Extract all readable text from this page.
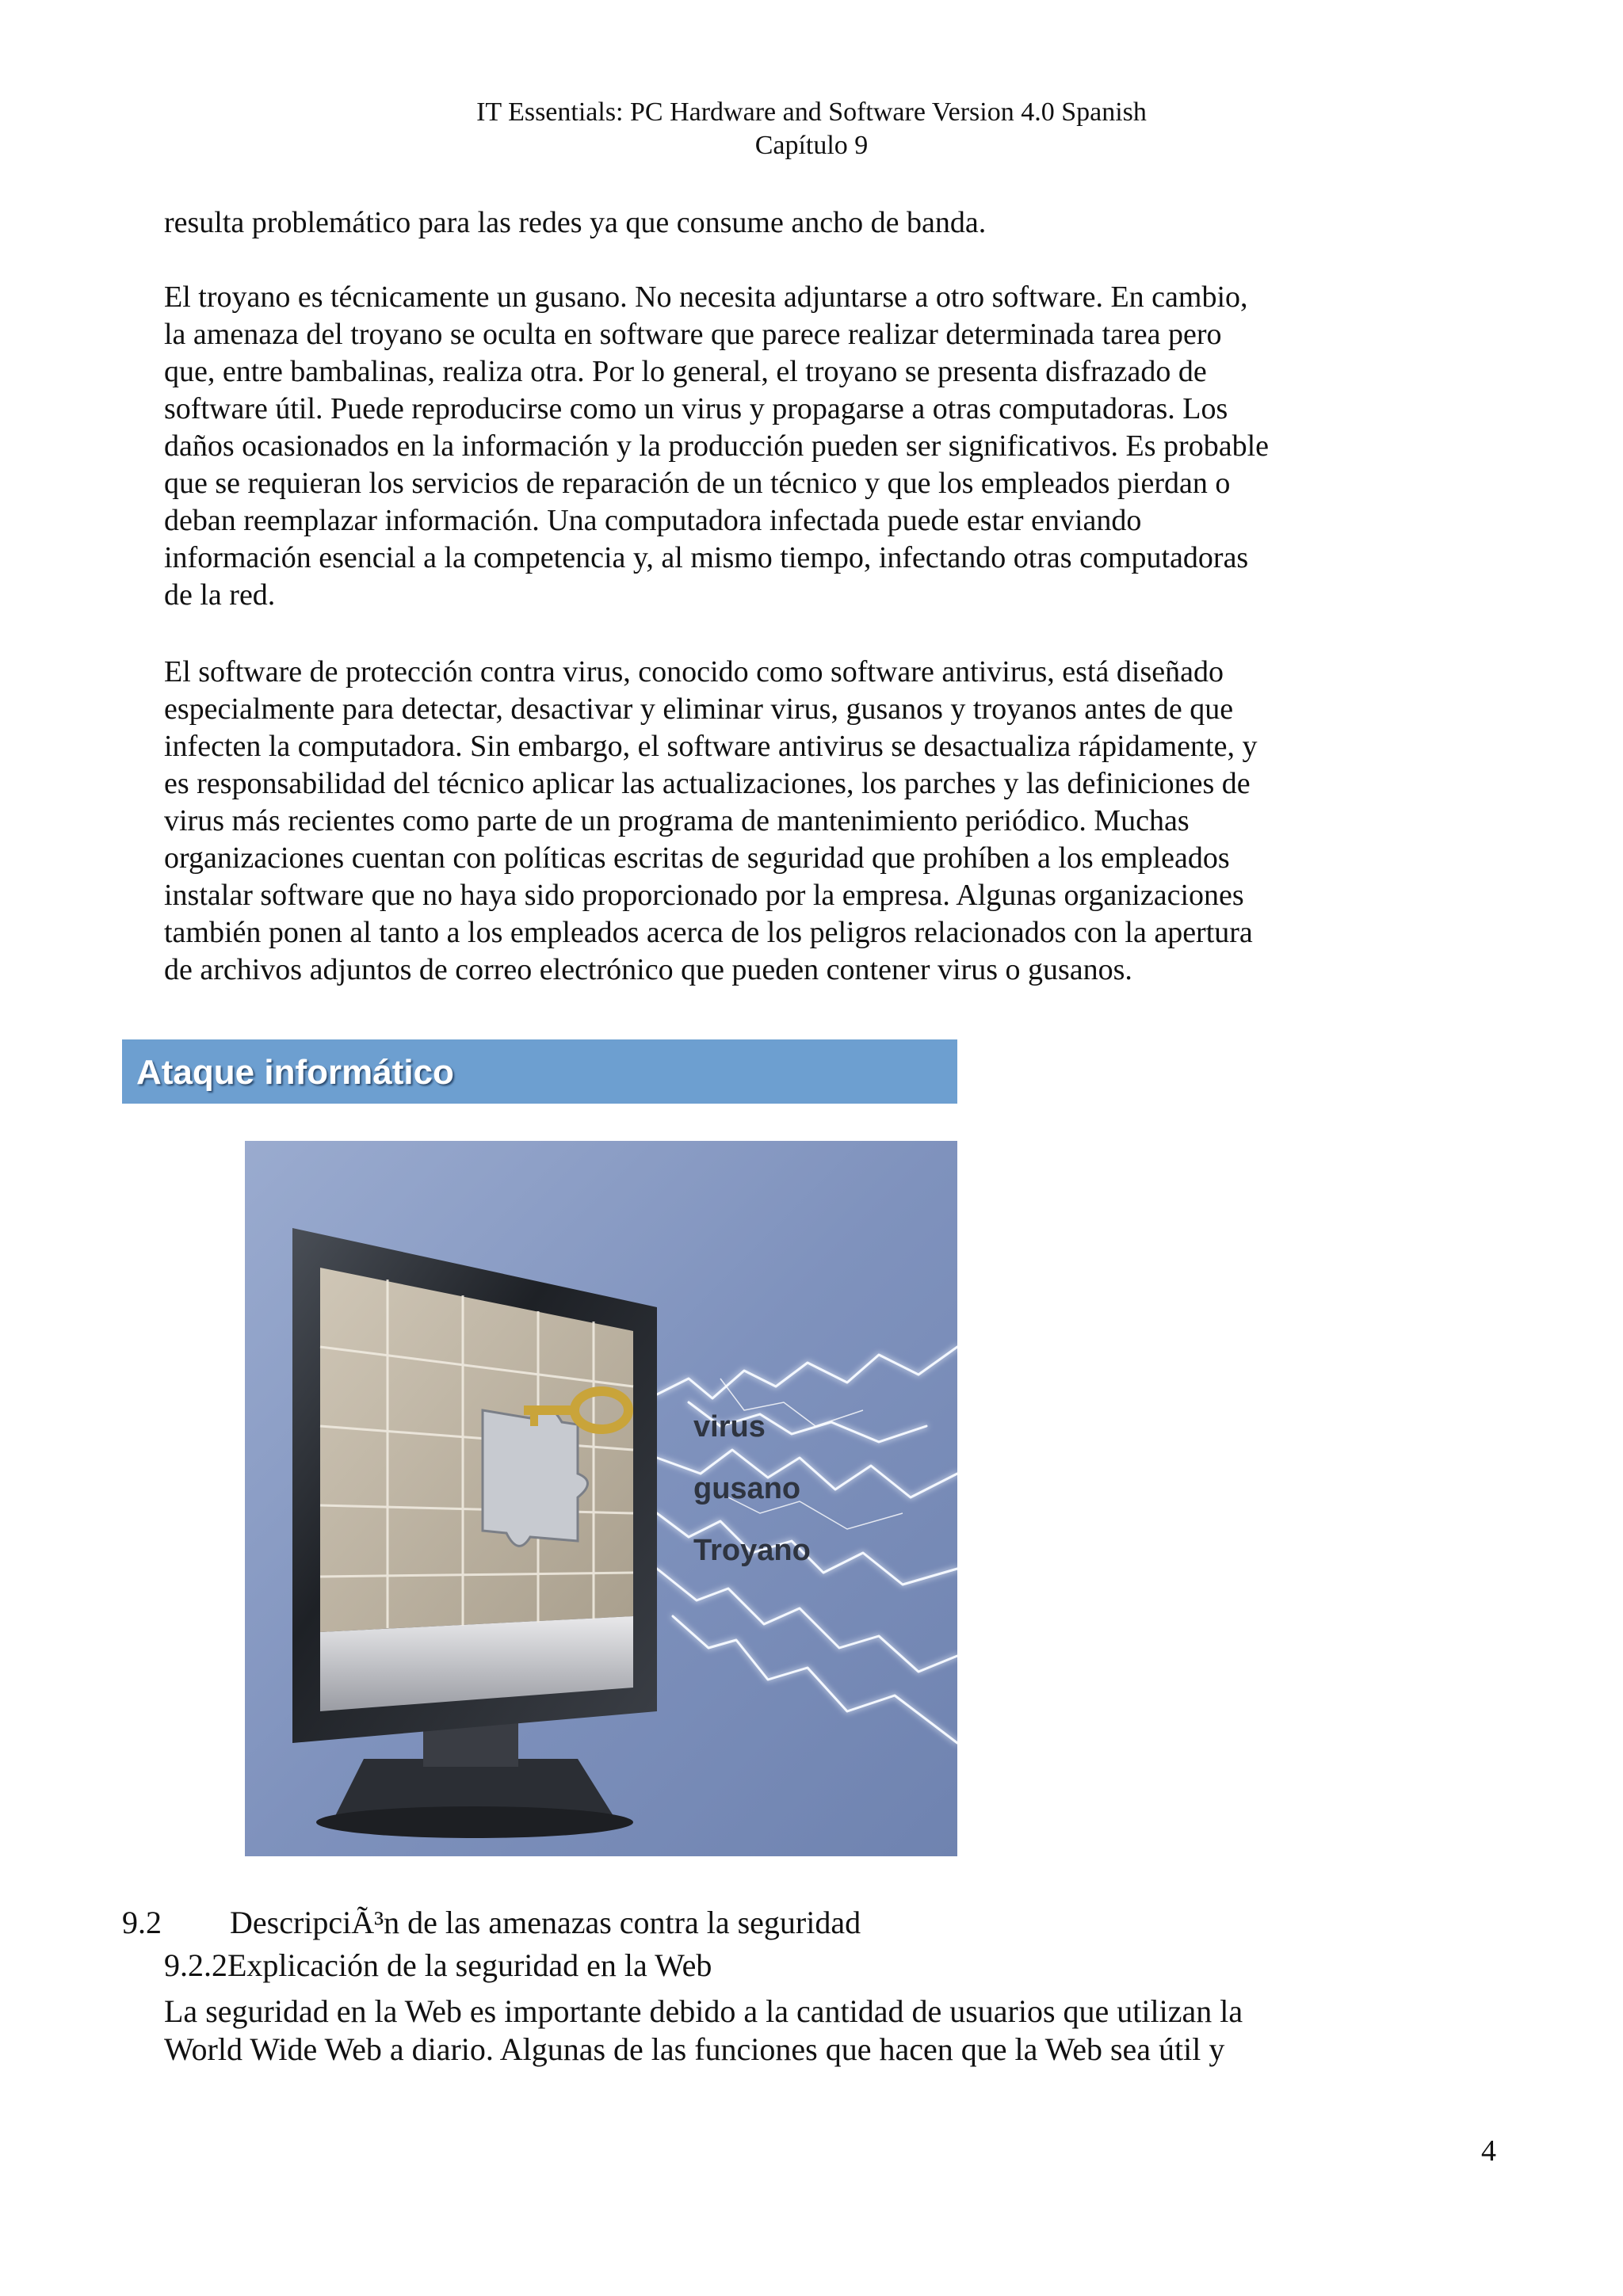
IT Essentials: PC Hardware and Software Version 4.0 Spanish
Capítulo 9
resulta problemático para las redes ya que consume ancho de banda.
El troyano es técnicamente un gusano. No necesita adjuntarse a otro software. En cambio,
la amenaza del troyano se oculta en software que parece realizar determinada tarea pero
que, entre bambalinas, realiza otra. Por lo general, el troyano se presenta disfrazado de
software útil. Puede reproducirse como un virus y propagarse a otras computadoras. Los
daños ocasionados en la información y la producción pueden ser significativos. Es probable
que se requieran los servicios de reparación de un técnico y que los empleados pierdan o
deban reemplazar información. Una computadora infectada puede estar enviando
información esencial a la competencia y, al mismo tiempo, infectando otras computadoras
de la red.
El software de protección contra virus, conocido como software antivirus, está diseñado
especialmente para detectar, desactivar y eliminar virus, gusanos y troyanos antes de que
infecten la computadora. Sin embargo, el software antivirus se desactualiza rápidamente, y
es responsabilidad del técnico aplicar las actualizaciones, los parches y las definiciones de
virus más recientes como parte de un programa de mantenimiento periódico. Muchas
organizaciones cuentan con políticas escritas de seguridad que prohíben a los empleados
instalar software que no haya sido proporcionado por la empresa. Algunas organizaciones
también ponen al tanto a los empleados acerca de los peligros relacionados con la apertura
de archivos adjuntos de correo electrónico que pueden contener virus o gusanos.
Ataque informático
virus
gusano
Troyano
9.2 DescripciÃ³n de las amenazas contra la seguridad
9.2.2Explicación de la seguridad en la Web
La seguridad en la Web es importante debido a la cantidad de usuarios que utilizan la
World Wide Web a diario. Algunas de las funciones que hacen que la Web sea útil y
4
